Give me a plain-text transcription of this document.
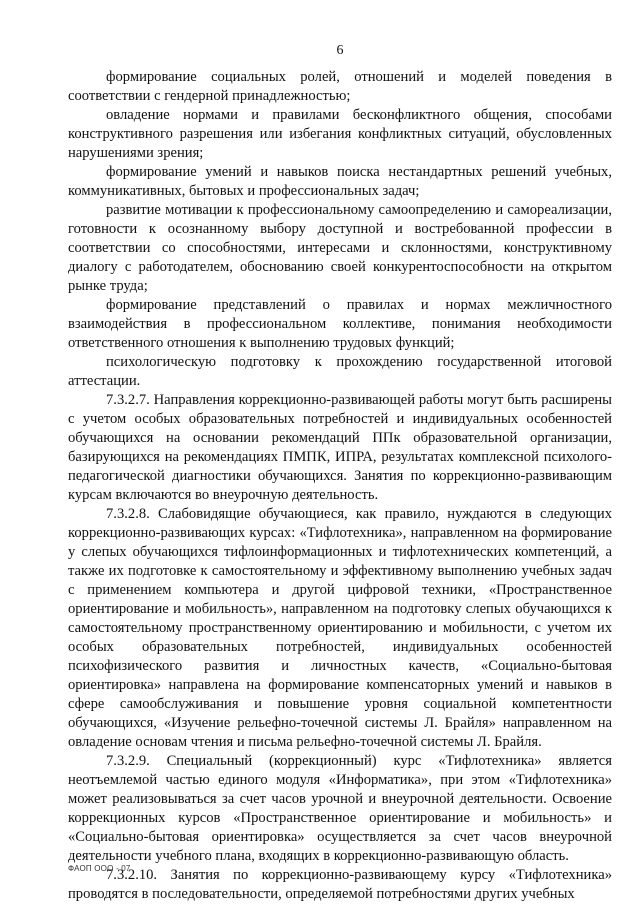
6

формирование социальных ролей, отношений и моделей поведения в соответствии с гендерной принадлежностью;

овладение нормами и правилами бесконфликтного общения, способами конструктивного разрешения или избегания конфликтных ситуаций, обусловленных нарушениями зрения;

формирование умений и навыков поиска нестандартных решений учебных, коммуникативных, бытовых и профессиональных задач;

развитие мотивации к профессиональному самоопределению и самореализации, готовности к осознанному выбору доступной и востребованной профессии в соответствии со способностями, интересами и склонностями, конструктивному диалогу с работодателем, обоснованию своей конкурентоспособности на открытом рынке труда;

формирование представлений о правилах и нормах межличностного взаимодействия в профессиональном коллективе, понимания необходимости ответственного отношения к выполнению трудовых функций;

психологическую подготовку к прохождению государственной итоговой аттестации.

7.3.2.7. Направления коррекционно-развивающей работы могут быть расширены с учетом особых образовательных потребностей и индивидуальных особенностей обучающихся на основании рекомендаций ППк образовательной организации, базирующихся на рекомендациях ПМПК, ИПРА, результатах комплексной психолого-педагогической диагностики обучающихся. Занятия по коррекционно-развивающим курсам включаются во внеурочную деятельность.

7.3.2.8. Слабовидящие обучающиеся, как правило, нуждаются в следующих коррекционно-развивающих курсах: «Тифлотехника», направленном на формирование у слепых обучающихся тифлоинформационных и тифлотехнических компетенций, а также их подготовке к самостоятельному и эффективному выполнению учебных задач с применением компьютера и другой цифровой техники, «Пространственное ориентирование и мобильность», направленном на подготовку слепых обучающихся к самостоятельному пространственному ориентированию и мобильности, с учетом их особых образовательных потребностей, индивидуальных особенностей психофизического развития и личностных качеств, «Социально-бытовая ориентировка» направлена на формирование компенсаторных умений и навыков в сфере самообслуживания и повышение уровня социальной компетентности обучающихся, «Изучение рельефно-точечной системы Л. Брайля» направленном на овладение основам чтения и письма рельефно-точечной системы Л. Брайля.

7.3.2.9. Специальный (коррекционный) курс «Тифлотехника» является неотъемлемой частью единого модуля «Информатика», при этом «Тифлотехника» может реализовываться за счет часов урочной и внеурочной деятельности. Освоение коррекционных курсов «Пространственное ориентирование и мобильность» и «Социально-бытовая ориентировка» осуществляется за счет часов внеурочной деятельности учебного плана, входящих в коррекционно-развивающую область.

7.3.2.10. Занятия по коррекционно-развивающему курсу «Тифлотехника» проводятся в последовательности, определяемой потребностями других учебных

ФАОП ООО - 07
